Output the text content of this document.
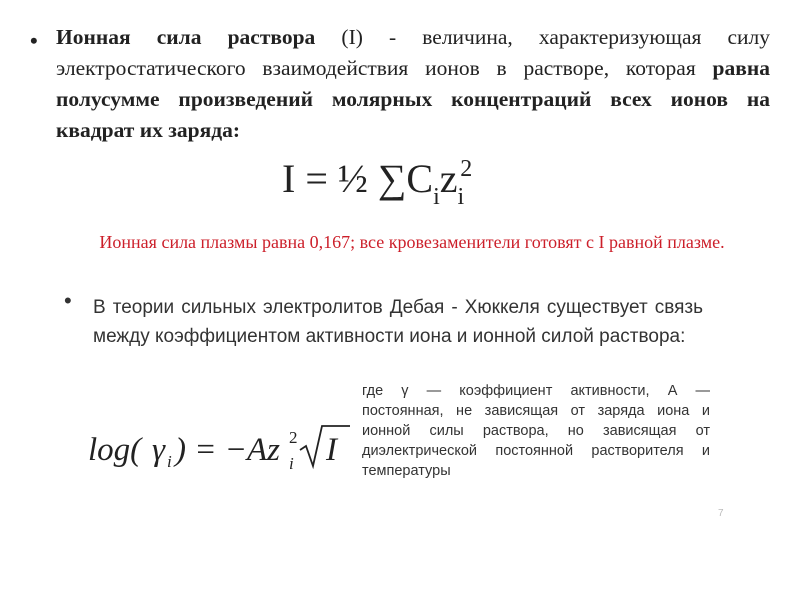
• Ионная сила раствора (I) - величина, характеризующая силу электростатического взаимодействия ионов в растворе, которая равна полусумме произведений молярных концентраций всех ионов на квадрат их заряда:
I = ½ $\sum C_iz_i^2$
Ионная сила плазмы равна 0,167; все кровезаменители готовят с I равной плазме.
• В теории сильных электролитов Дебая - Хюккеля существует связь между коэффициентом активности иона и ионной силой раствора:
log( γ i ) = −Az i
2 I
где γ — коэффициент активности, А — постоянная, не зависящая от заряда иона и ионной силы раствора, но зависящая от диэлектрической постоянной растворителя и температуры
7
